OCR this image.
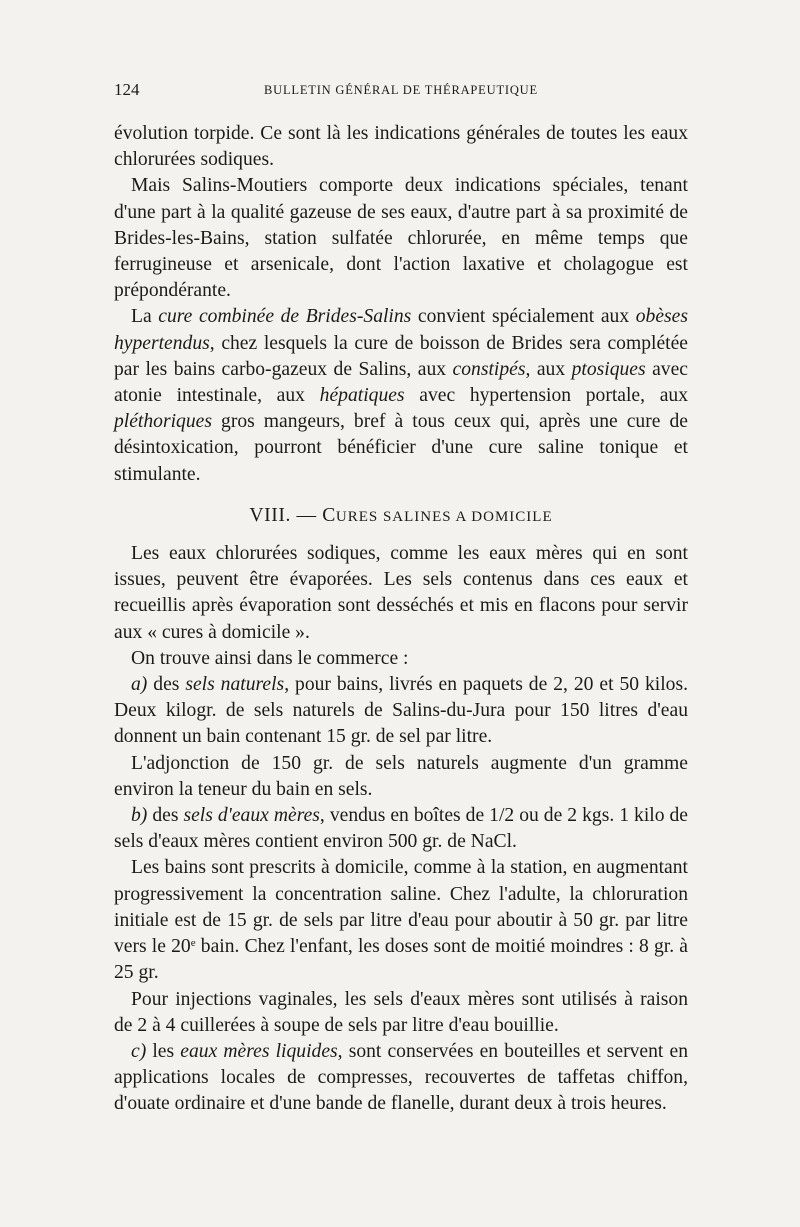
124	BULLETIN GÉNÉRAL DE THÉRAPEUTIQUE

évolution torpide. Ce sont là les indications générales de toutes les eaux chlorurées sodiques.

Mais Salins-Moutiers comporte deux indications spéciales, tenant d'une part à la qualité gazeuse de ses eaux, d'autre part à sa proximité de Brides-les-Bains, station sulfatée chlorurée, en même temps que ferrugineuse et arsenicale, dont l'action laxative et cholagogue est prépondérante.

La cure combinée de Brides-Salins convient spécialement aux obèses hypertendus, chez lesquels la cure de boisson de Brides sera complétée par les bains carbo-gazeux de Salins, aux constipés, aux ptosiques avec atonie intestinale, aux hépatiques avec hypertension portale, aux pléthoriques gros mangeurs, bref à tous ceux qui, après une cure de désintoxication, pourront bénéficier d'une cure saline tonique et stimulante.

VIII. — CURES SALINES A DOMICILE

Les eaux chlorurées sodiques, comme les eaux mères qui en sont issues, peuvent être évaporées. Les sels contenus dans ces eaux et recueillis après évaporation sont desséchés et mis en flacons pour servir aux « cures à domicile ».

On trouve ainsi dans le commerce :

a) des sels naturels, pour bains, livrés en paquets de 2, 20 et 50 kilos. Deux kilogr. de sels naturels de Salins-du-Jura pour 150 litres d'eau donnent un bain contenant 15 gr. de sel par litre.

L'adjonction de 150 gr. de sels naturels augmente d'un gramme environ la teneur du bain en sels.

b) des sels d'eaux mères, vendus en boîtes de 1/2 ou de 2 kgs. 1 kilo de sels d'eaux mères contient environ 500 gr. de NaCl.

Les bains sont prescrits à domicile, comme à la station, en augmentant progressivement la concentration saline. Chez l'adulte, la chloruration initiale est de 15 gr. de sels par litre d'eau pour aboutir à 50 gr. par litre vers le 20e bain. Chez l'enfant, les doses sont de moitié moindres : 8 gr. à 25 gr.

Pour injections vaginales, les sels d'eaux mères sont utilisés à raison de 2 à 4 cuillerées à soupe de sels par litre d'eau bouillie.

c) les eaux mères liquides, sont conservées en bouteilles et servent en applications locales de compresses, recouvertes de taffetas chiffon, d'ouate ordinaire et d'une bande de flanelle, durant deux à trois heures.
